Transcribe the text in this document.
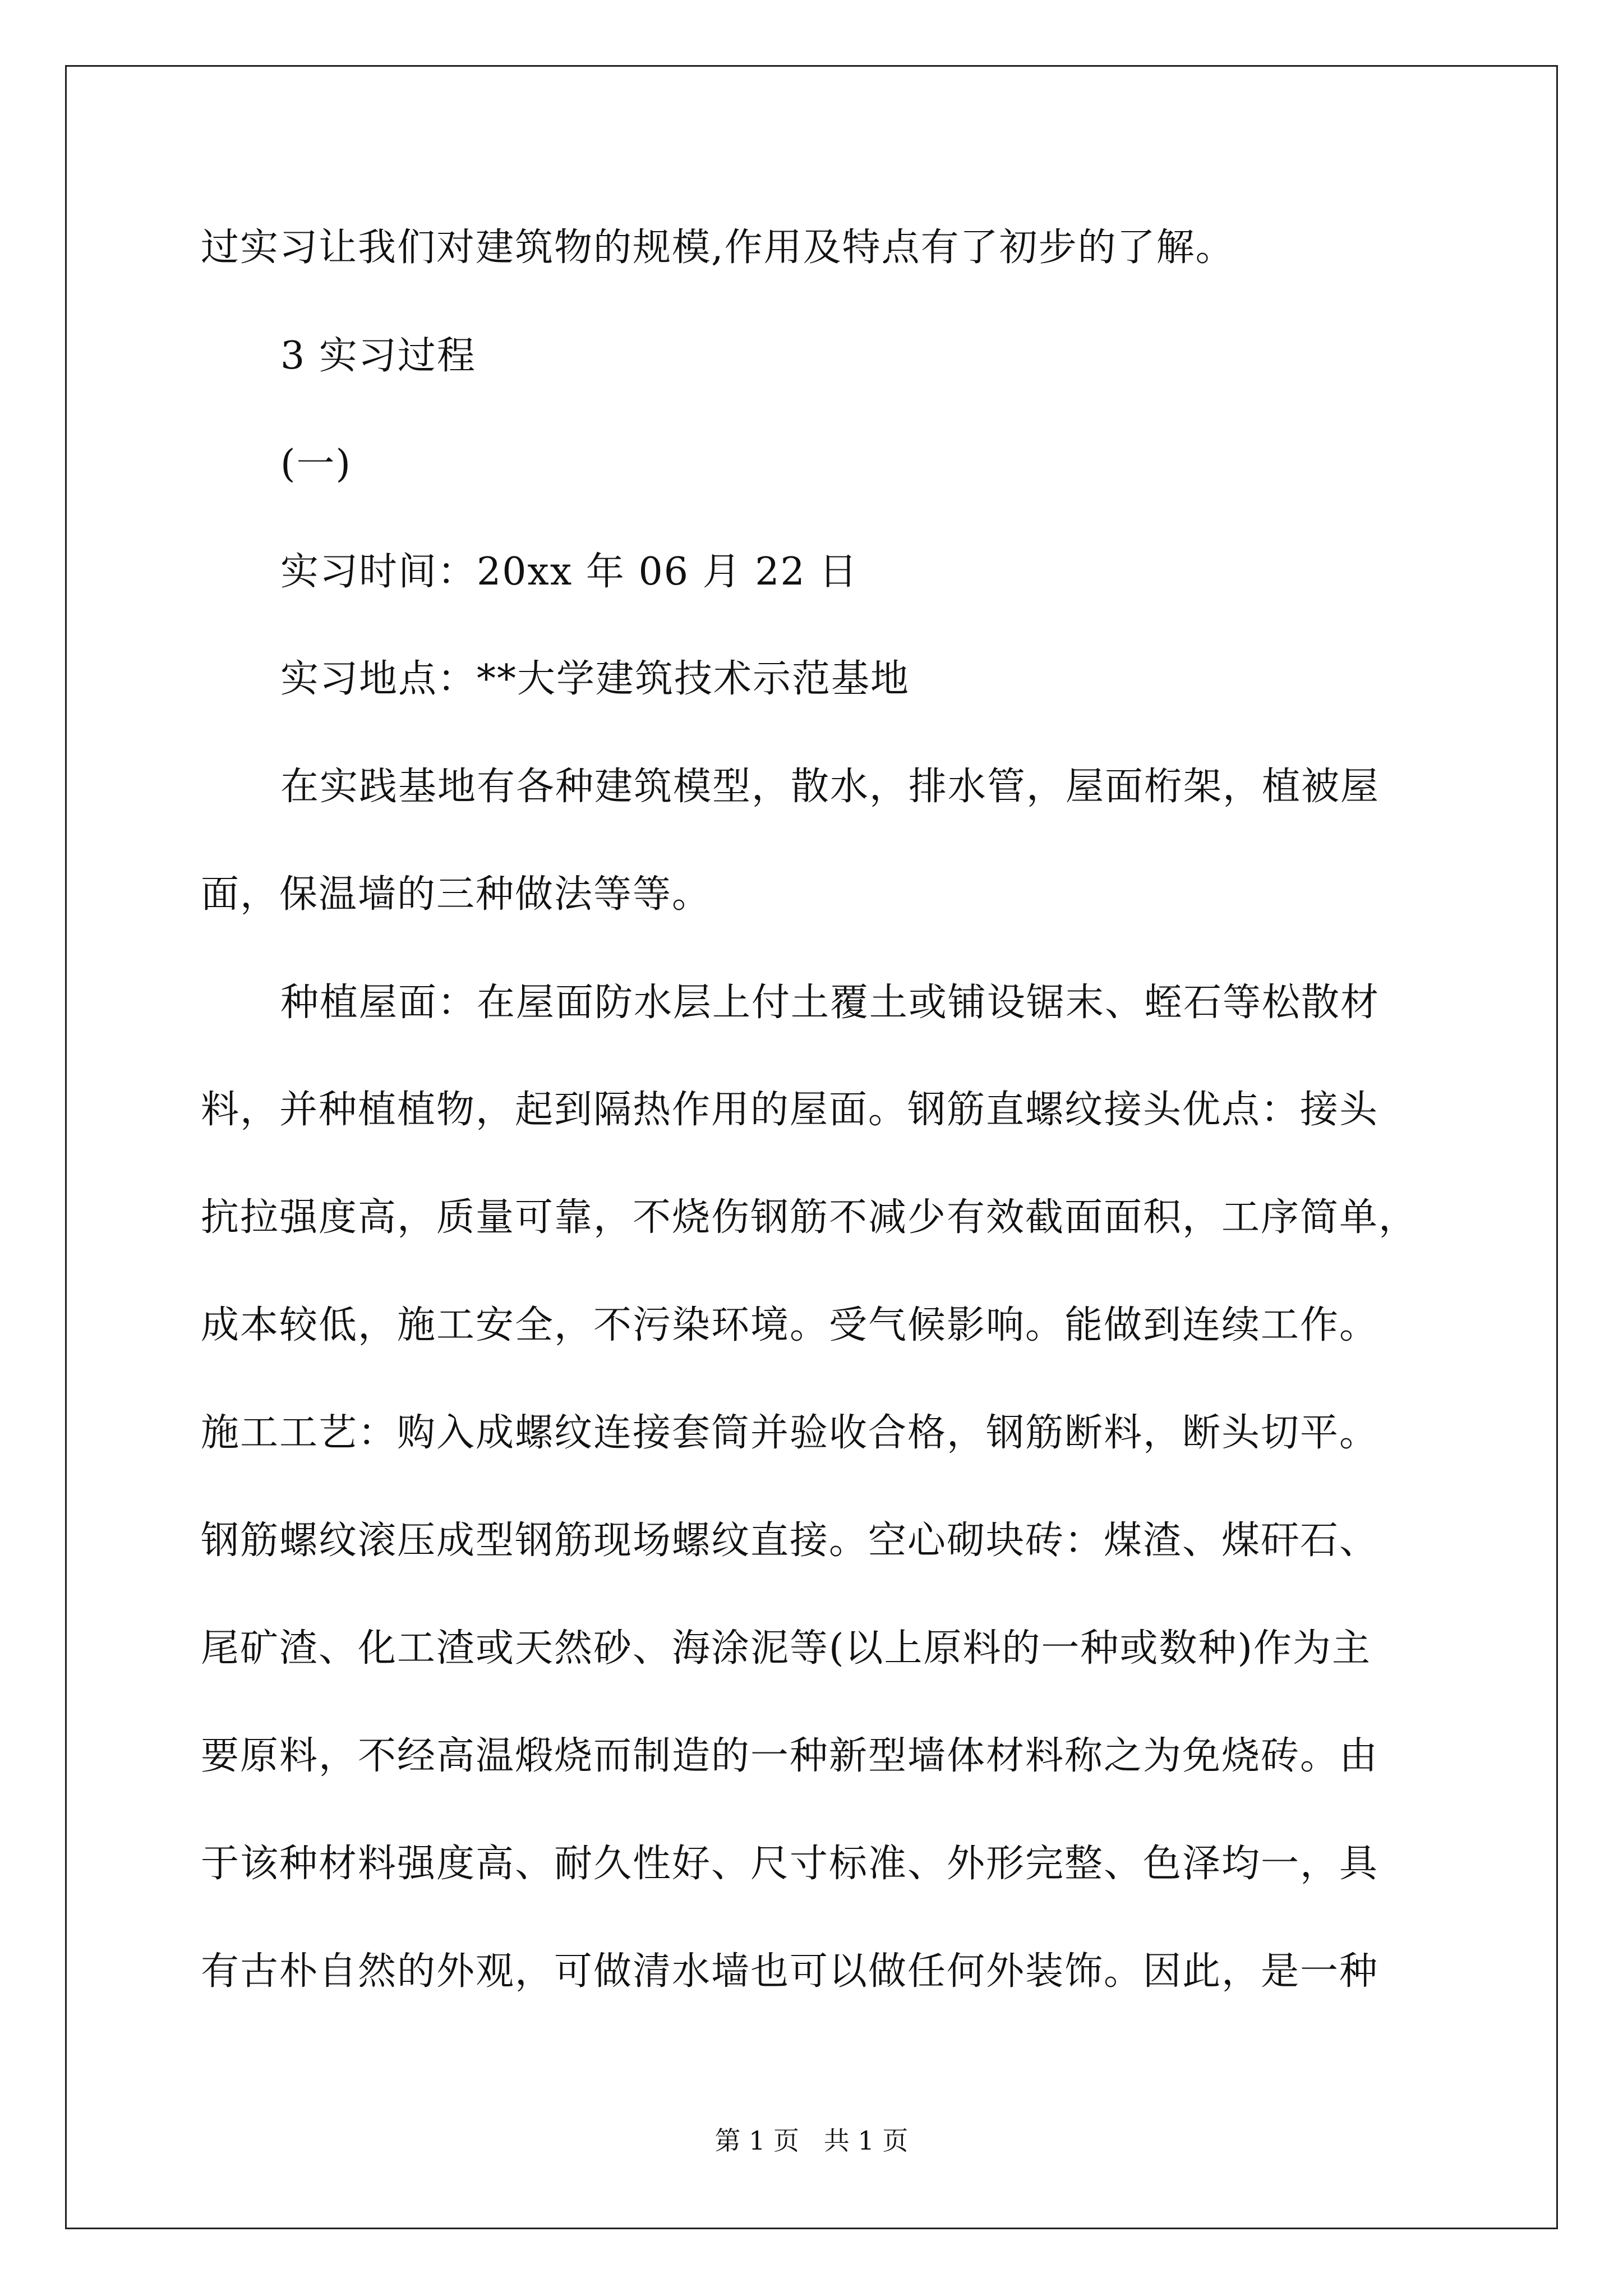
过实习让我们对建筑物的规模,作用及特点有了初步的了解。
3 实习过程
(一)
实习时间：20xx 年 06 月 22 日
实习地点：**大学建筑技术示范基地
在实践基地有各种建筑模型，散水，排水管，屋面桁架，植被屋
面，保温墙的三种做法等等。
种植屋面：在屋面防水层上付土覆土或铺设锯末、蛭石等松散材
料，并种植植物，起到隔热作用的屋面。钢筋直螺纹接头优点：接头
抗拉强度高，质量可靠，不烧伤钢筋不减少有效截面面积，工序简单，
成本较低，施工安全，不污染环境。受气候影响。能做到连续工作。
施工工艺：购入成螺纹连接套筒并验收合格，钢筋断料，断头切平。
钢筋螺纹滚压成型钢筋现场螺纹直接。空心砌块砖：煤渣、煤矸石、
尾矿渣、化工渣或天然砂、海涂泥等(以上原料的一种或数种)作为主
要原料，不经高温煅烧而制造的一种新型墙体材料称之为免烧砖。由
于该种材料强度高、耐久性好、尺寸标准、外形完整、色泽均一，具
有古朴自然的外观，可做清水墙也可以做任何外装饰。因此，是一种
第 1 页   共 1 页
